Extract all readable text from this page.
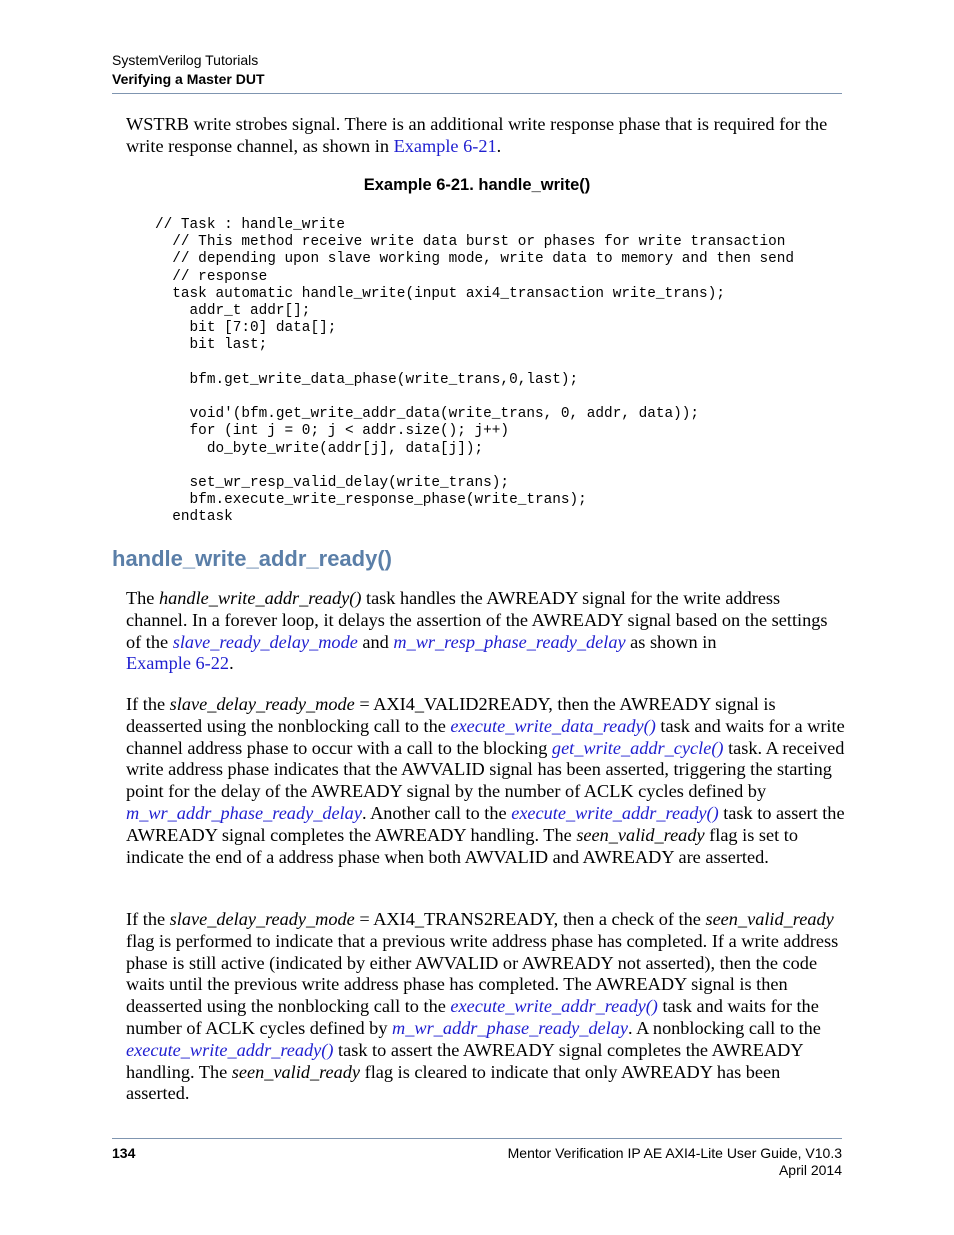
SystemVerilog Tutorials
Verifying a Master DUT

WSTRB write strobes signal. There is an additional write response phase that is required for the write response channel, as shown in Example 6-21.

Example 6-21. handle_write()
// Task : handle_write
// This method receive write data burst or phases for write transaction
// depending upon slave working mode, write data to memory and then send
// response
task automatic handle_write(input axi4_transaction write_trans);
addr_t addr[];
bit [7:0] data[];
bit last;

bfm.get_write_data_phase(write_trans,0,last);

void'(bfm.get_write_addr_data(write_trans, 0, addr, data));
for (int j = 0; j < addr.size(); j++)
do_byte_write(addr[j], data[j]);

set_wr_resp_valid_delay(write_trans);
bfm.execute_write_response_phase(write_trans);
endtask
handle_write_addr_ready()

The handle_write_addr_ready() task handles the AWREADY signal for the write address channel. In a forever loop, it delays the assertion of the AWREADY signal based on the settings of the slave_ready_delay_mode and m_wr_resp_phase_ready_delay as shown in
Example 6-22.

If the slave_delay_ready_mode = AXI4_VALID2READY, then the AWREADY signal is deasserted using the nonblocking call to the execute_write_data_ready() task and waits for a write channel address phase to occur with a call to the blocking get_write_addr_cycle() task. A received write address phase indicates that the AWVALID signal has been asserted, triggering the starting point for the delay of the AWREADY signal by the number of ACLK cycles defined by m_wr_addr_phase_ready_delay. Another call to the execute_write_addr_ready() task to assert the AWREADY signal completes the AWREADY handling. The seen_valid_ready flag is set to indicate the end of a address phase when both AWVALID and AWREADY are asserted.

If the slave_delay_ready_mode = AXI4_TRANS2READY, then a check of the seen_valid_ready flag is performed to indicate that a previous write address phase has completed. If a write address phase is still active (indicated by either AWVALID or AWREADY not asserted), then the code waits until the previous write address phase has completed. The AWREADY signal is then deasserted using the nonblocking call to the execute_write_addr_ready() task and waits for the number of ACLK cycles defined by m_wr_addr_phase_ready_delay. A nonblocking call to the execute_write_addr_ready() task to assert the AWREADY signal completes the AWREADY handling. The seen_valid_ready flag is cleared to indicate that only AWREADY has been asserted.

134	Mentor Verification IP AE AXI4-Lite User Guide, V10.3
April 2014
